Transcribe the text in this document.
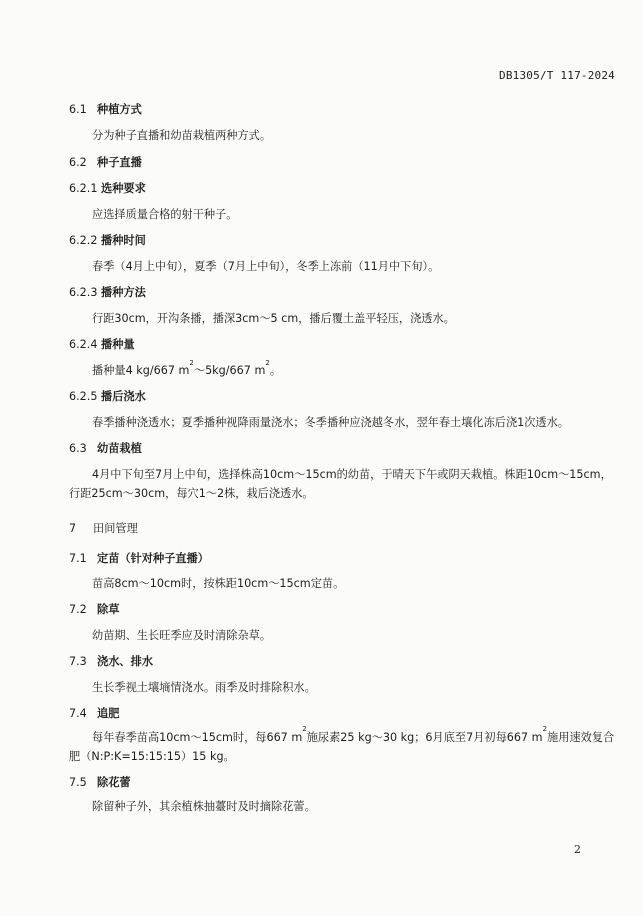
DB1305/T 117-2024
6.1 种植方式
分为种子直播和幼苗栽植两种方式。
6.2 种子直播
6.2.1 选种要求
应选择质量合格的射干种子。
6.2.2 播种时间
春季（4月上中旬），夏季（7月上中旬），冬季上冻前（11月中下旬）。
6.2.3 播种方法
行距30cm，开沟条播，播深3cm～5 cm，播后覆土盖平轻压，浇透水。
6.2.4 播种量
播种量4 kg/667 $m^2\sim 5kg/667$ $m^2$。
6.2.5 播后浇水
春季播种浇透水；夏季播种视降雨量浇水；冬季播种应浇越冬水，翌年春土壤化冻后浇1次透水。
6.3 幼苗栽植
4月中下旬至7月上中旬，选择株高10cm～15cm的幼苗，于晴天下午或阴天栽植。株距10cm～15cm，
行距25cm～30cm，每穴1～2株，栽后浇透水。
7 田间管理
7.1 定苗（针对种子直播）
苗高8cm～10cm时，按株距10cm～15cm定苗。
7.2 除草
幼苗期、生长旺季应及时清除杂草。
7.3 浇水、排水
生长季视土壤墒情浇水。雨季及时排除积水。
7.4 追肥
每年春季苗高10cm～15cm时，每667 $m^2$施尿素25 kg～30 kg；6月底至7月初每667 $m^2$施用速效复合
肥（N:P:K=15:15:15）15 kg。
7.5 除花蕾
除留种子外，其余植株抽薹时及时摘除花蕾。
2
